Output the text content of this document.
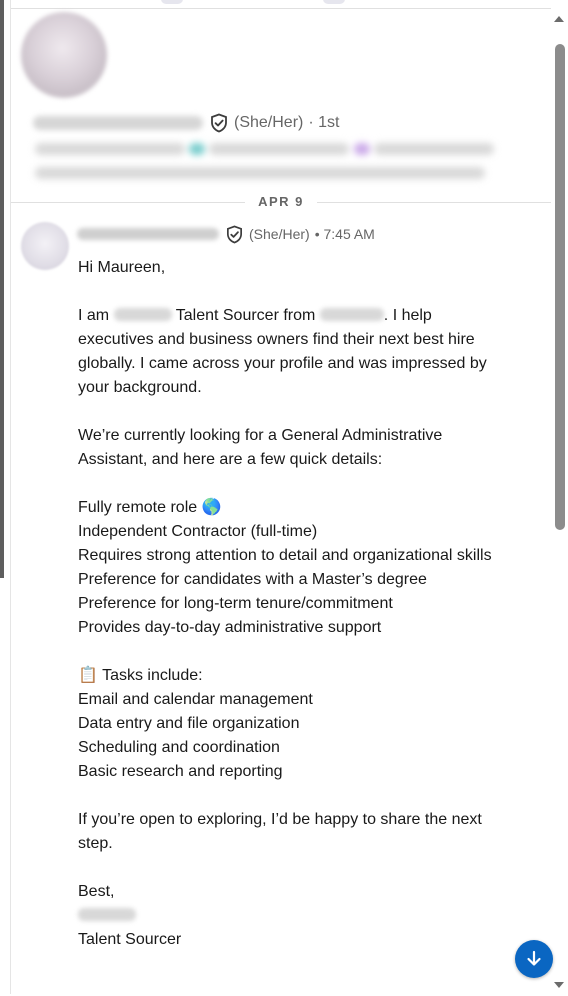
(She/Her) · 1st

APR 9
(She/Her) • 7:45 AM

Hi Maureen,

I am	Talent Sourcer from	. I help executives and business owners find their next best hire globally. I came across your profile and was impressed by your background.

We’re currently looking for a General Administrative Assistant, and here are a few quick details:

Fully remote role 🌎

Independent Contractor (full-time)

Requires strong attention to detail and organizational skills

Preference for candidates with a Master’s degree

Preference for long-term tenure/commitment

Provides day-to-day administrative support

📋 Tasks include:

Email and calendar management

Data entry and file organization

Scheduling and coordination

Basic research and reporting

If you’re open to exploring, I’d be happy to share the next step.

Best,

Talent Sourcer
